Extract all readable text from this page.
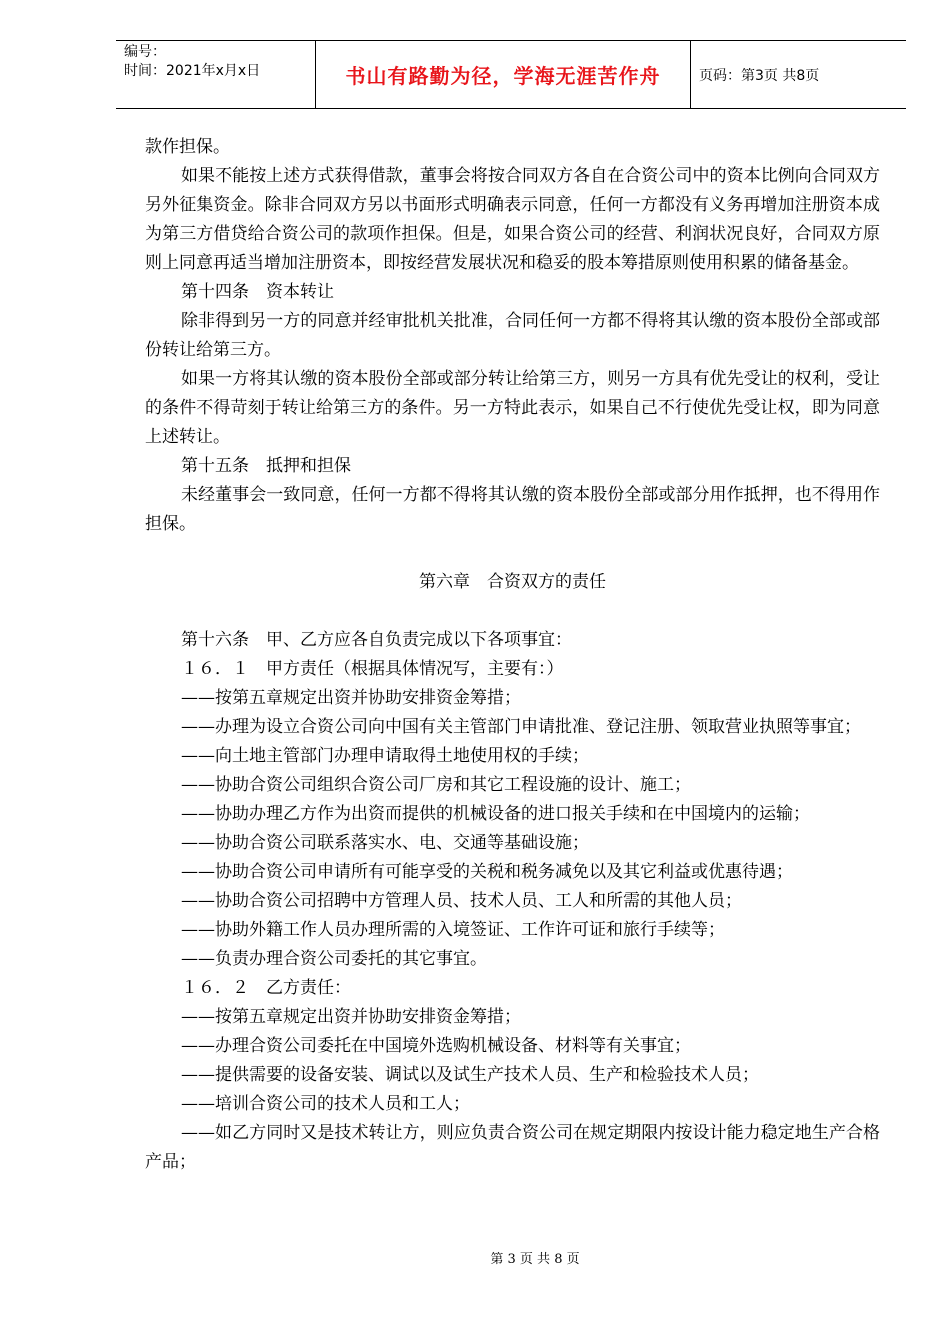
编号：
时间：2021年x月x日	书山有路勤为径，学海无涯苦作舟	页码：第3页 共8页

款作担保。

如果不能按上述方式获得借款，董事会将按合同双方各自在合资公司中的资本比例向合同双方另外征集资金。除非合同双方另以书面形式明确表示同意，任何一方都没有义务再增加注册资本成为第三方借贷给合资公司的款项作担保。但是，如果合资公司的经营、利润状况良好，合同双方原则上同意再适当增加注册资本，即按经营发展状况和稳妥的股本筹措原则使用积累的储备基金。

第十四条　资本转让

除非得到另一方的同意并经审批机关批准，合同任何一方都不得将其认缴的资本股份全部或部份转让给第三方。

如果一方将其认缴的资本股份全部或部分转让给第三方，则另一方具有优先受让的权利，受让的条件不得苛刻于转让给第三方的条件。另一方特此表示，如果自己不行使优先受让权，即为同意上述转让。

第十五条　抵押和担保

未经董事会一致同意，任何一方都不得将其认缴的资本股份全部或部分用作抵押，也不得用作担保。

第六章　合资双方的责任

第十六条　甲、乙方应各自负责完成以下各项事宜：

１６．１　甲方责任（根据具体情况写，主要有：）

——按第五章规定出资并协助安排资金筹措；

——办理为设立合资公司向中国有关主管部门申请批准、登记注册、领取营业执照等事宜；

——向土地主管部门办理申请取得土地使用权的手续；

——协助合资公司组织合资公司厂房和其它工程设施的设计、施工；

——协助办理乙方作为出资而提供的机械设备的进口报关手续和在中国境内的运输；

——协助合资公司联系落实水、电、交通等基础设施；

——协助合资公司申请所有可能享受的关税和税务减免以及其它利益或优惠待遇；

——协助合资公司招聘中方管理人员、技术人员、工人和所需的其他人员；

——协助外籍工作人员办理所需的入境签证、工作许可证和旅行手续等；

——负责办理合资公司委托的其它事宜。

１６．２　乙方责任：

——按第五章规定出资并协助安排资金筹措；

——办理合资公司委托在中国境外选购机械设备、材料等有关事宜；

——提供需要的设备安装、调试以及试生产技术人员、生产和检验技术人员；

——培训合资公司的技术人员和工人；

——如乙方同时又是技术转让方，则应负责合资公司在规定期限内按设计能力稳定地生产合格产品；

第 3 页 共 8 页
